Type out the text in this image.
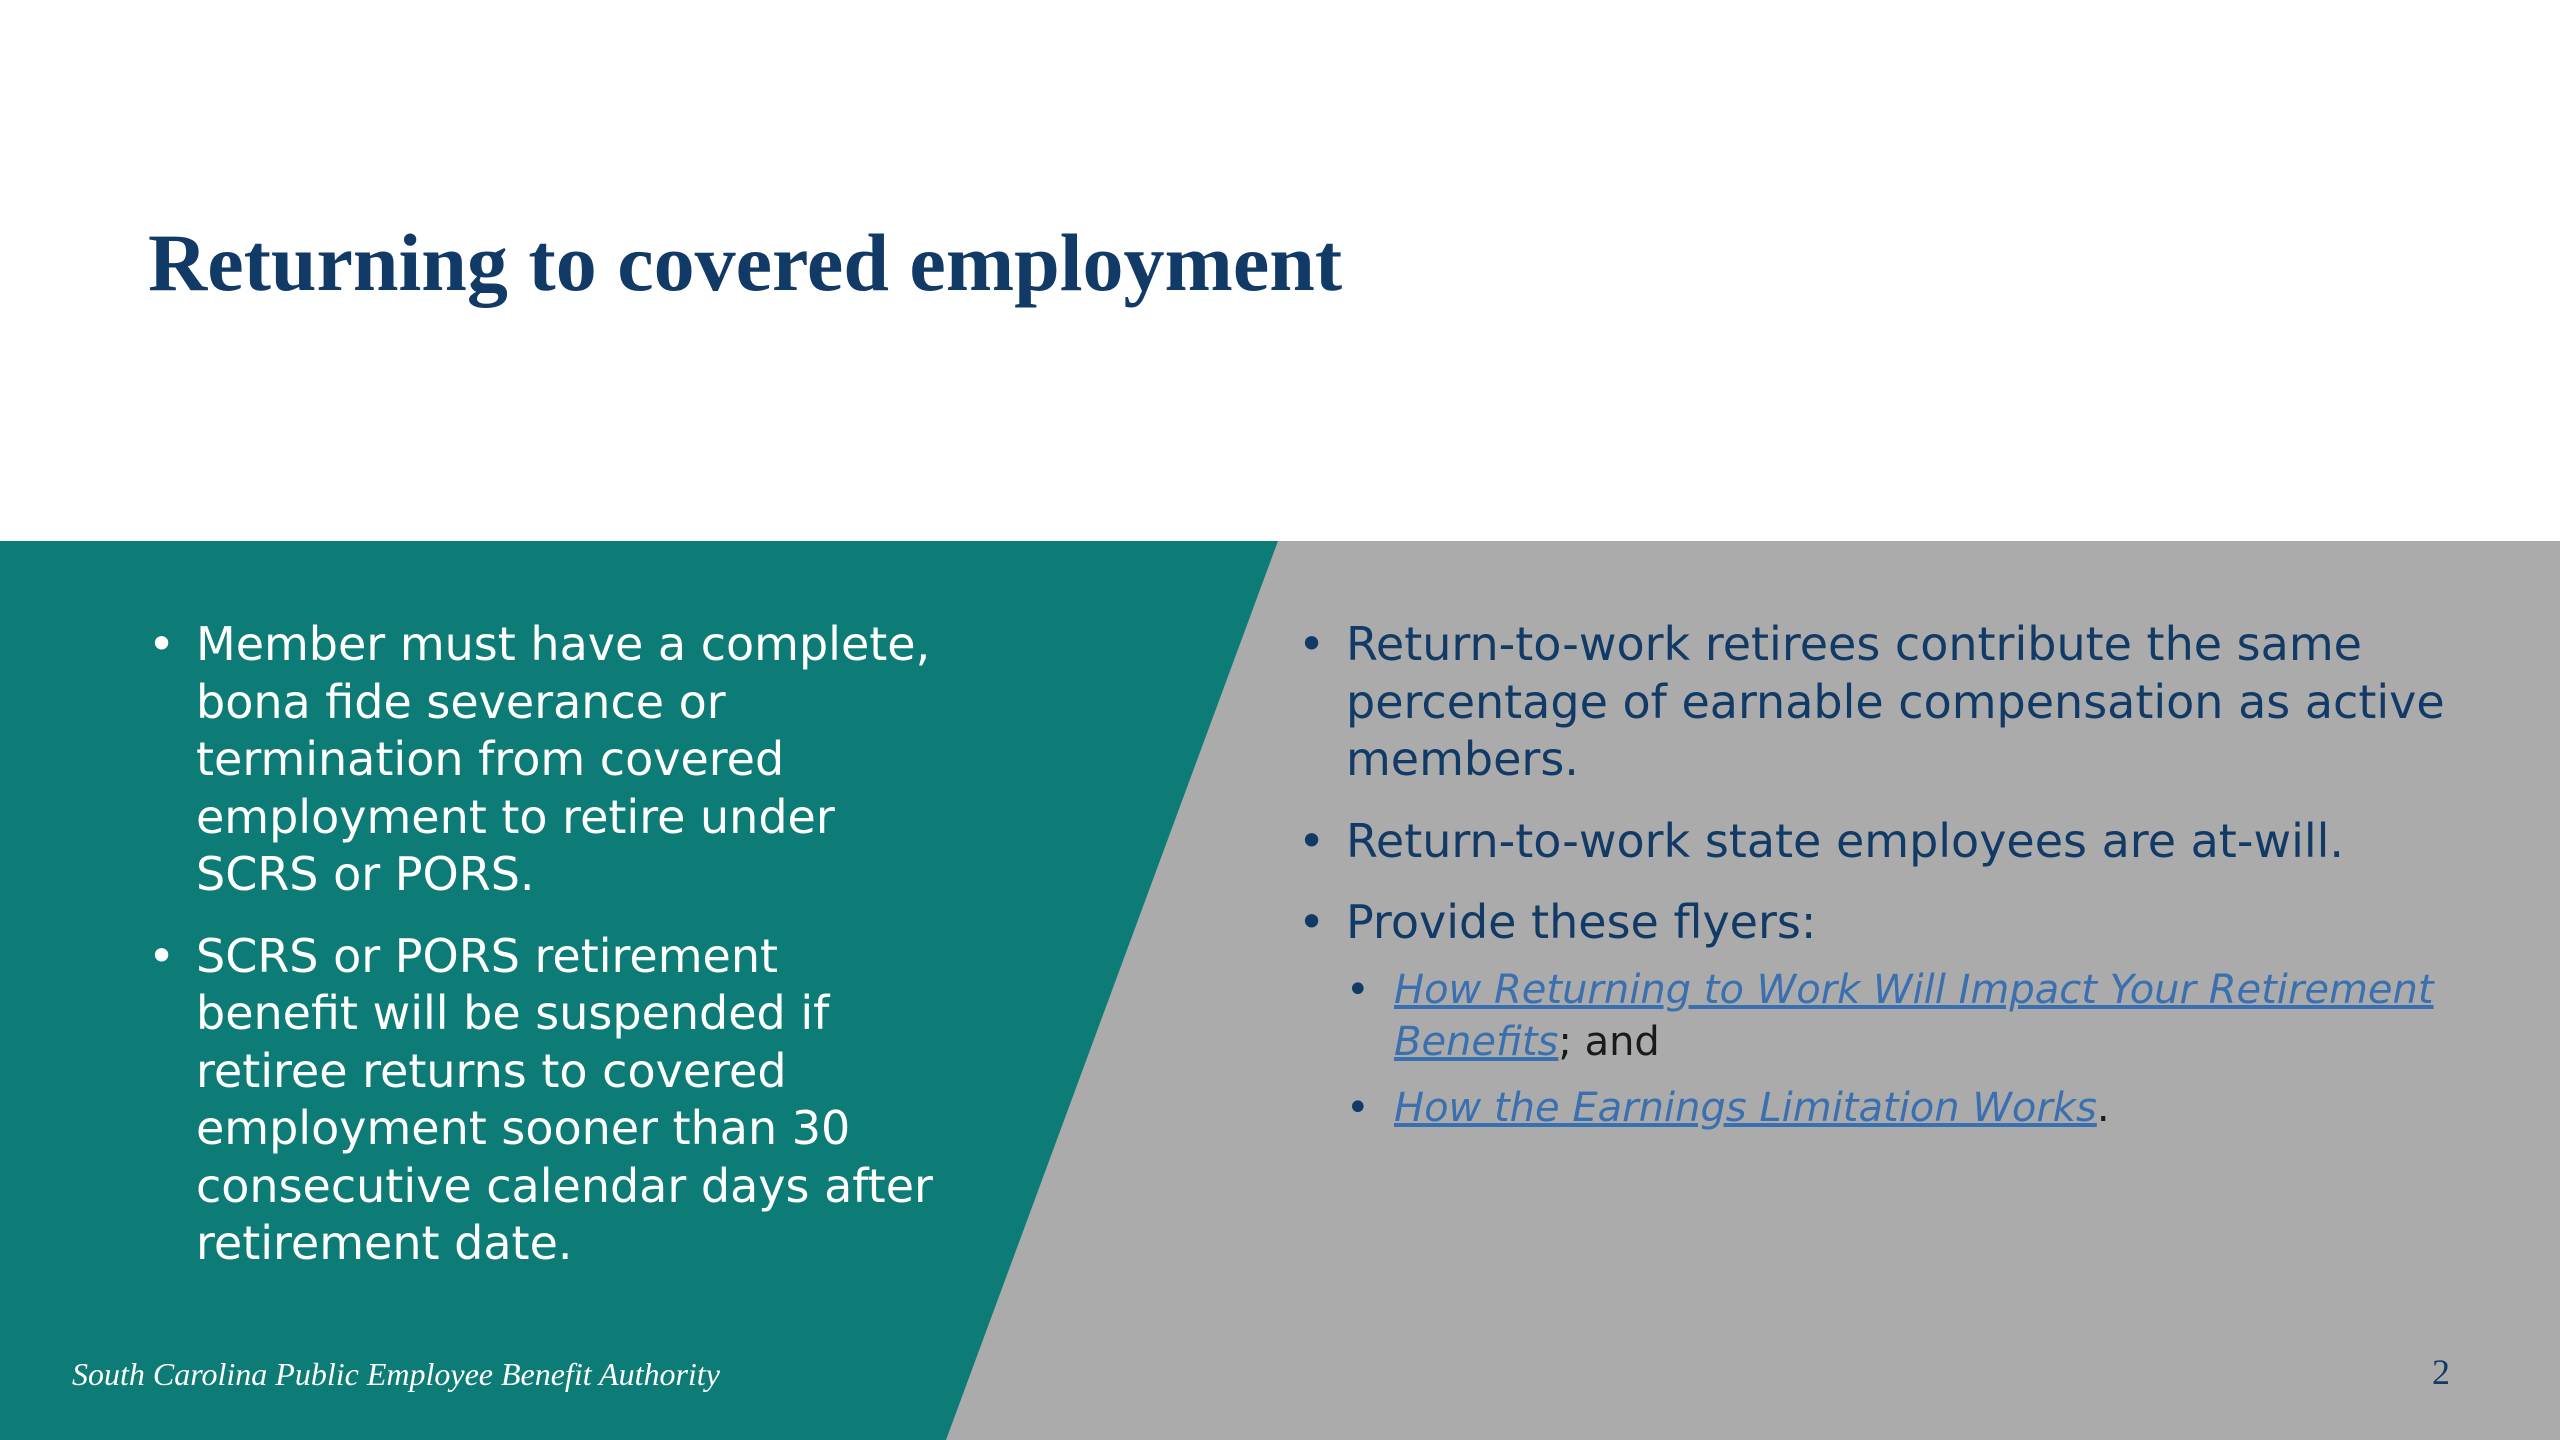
Returning to covered employment
• Member must have a complete, bona fide severance or termination from covered employment to retire under SCRS or PORS.
• SCRS or PORS retirement benefit will be suspended if retiree returns to covered employment sooner than 30 consecutive calendar days after retirement date.
• Return-to-work retirees contribute the same percentage of earnable compensation as active members.
• Return-to-work state employees are at-will.
• Provide these flyers:
• How Returning to Work Will Impact Your Retirement Benefits; and
• How the Earnings Limitation Works.
South Carolina Public Employee Benefit Authority	2
